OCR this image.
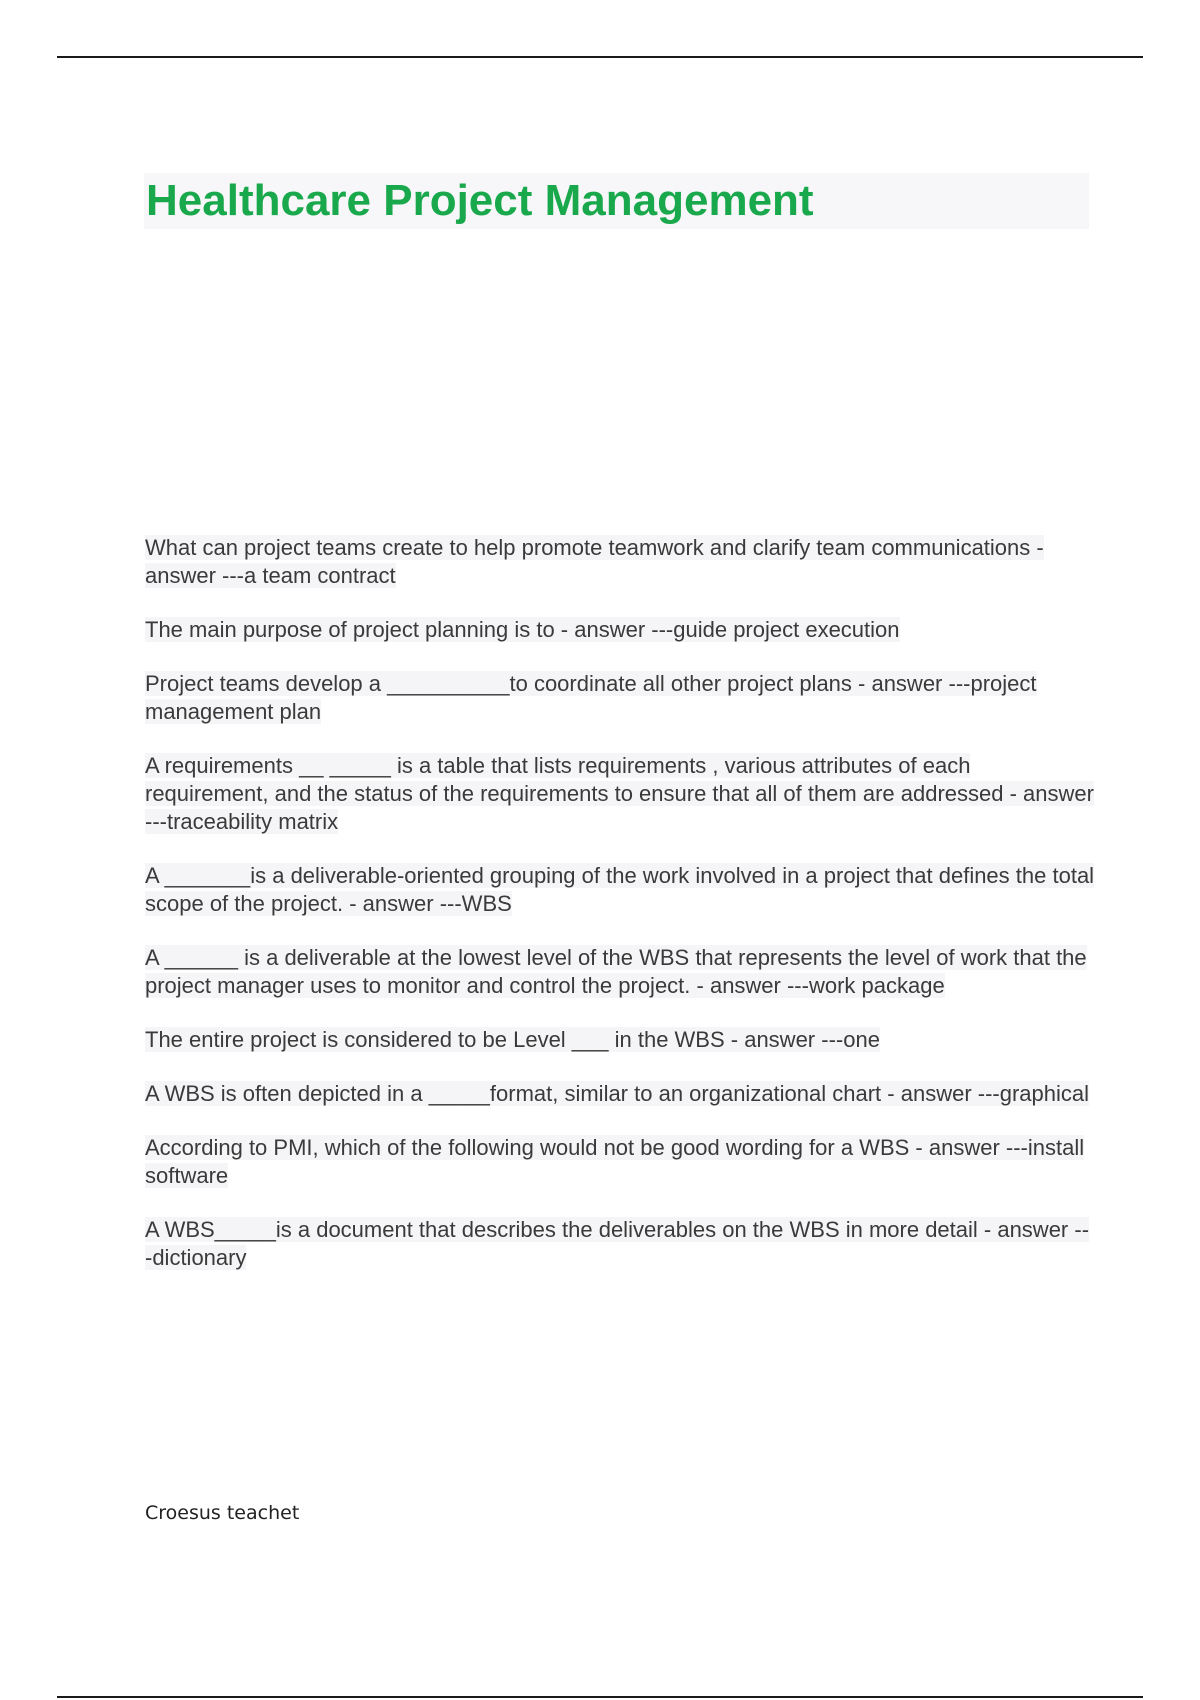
Healthcare Project Management

What can project teams create to help promote teamwork and clarify team communications - answer ---a team contract

The main purpose of project planning is to - answer ---guide project execution

Project teams develop a __________to coordinate all other project plans - answer ---project management plan

A requirements __ _____ is a table that lists requirements , various attributes of each requirement, and the status of the requirements to ensure that all of them are addressed - answer ---traceability matrix

A _______is a deliverable-oriented grouping of the work involved in a project that defines the total scope of the project. - answer ---WBS

A ______ is a deliverable at the lowest level of the WBS that represents the level of work that the project manager uses to monitor and control the project. - answer ---work package

The entire project is considered to be Level ___ in the WBS - answer ---one

A WBS is often depicted in a _____format, similar to an organizational chart - answer ---graphical

According to PMI, which of the following would not be good wording for a WBS - answer ---install software

A WBS_____is a document that describes the deliverables on the WBS in more detail - answer ---dictionary

Croesus teachet
